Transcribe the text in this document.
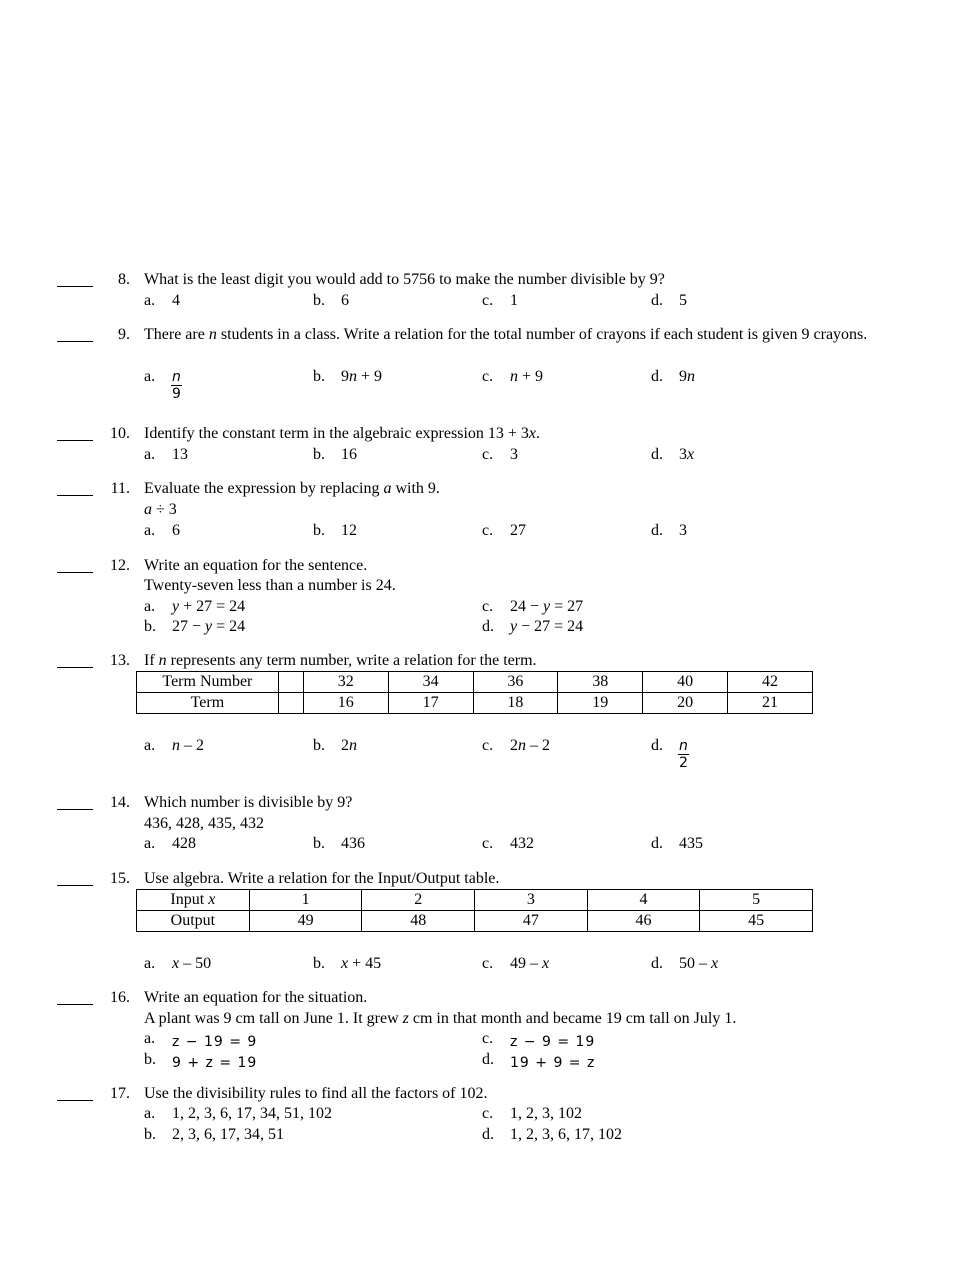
8. What is the least digit you would add to 5756 to make the number divisible by 9?
a. 4	b. 6	c. 1	d. 5
9. There are n students in a class. Write a relation for the total number of crayons if each student is given 9 crayons.
a. $\frac{n}{9}$	b. 9n + 9	c. n + 9	d. 9n
10. Identify the constant term in the algebraic expression 13 + 3x.
a. 13	b. 16	c. 3	d. 3x
11. Evaluate the expression by replacing a with 9.
a ÷ 3
a. 6	b. 12	c. 27	d. 3
12. Write an equation for the sentence.
Twenty-seven less than a number is 24.
a. y + 27 = 24
b. 27 − y = 24
c. 24 − y = 27
d. y − 27 = 24
13. If n represents any term number, write a relation for the term.
Term Number		32	34	36	38	40	42
Term		16	17	18	19	20	21
a. n – 2	b. 2n	c. 2n – 2	d. $\frac{n}{2}$
14. Which number is divisible by 9?
436, 428, 435, 432
a. 428	b. 436	c. 432	d. 435
15. Use algebra. Write a relation for the Input/Output table.
Input x	1	2	3	4	5
Output	49	48	47	46	45
a. x – 50	b. x + 45	c. 49 – x	d. 50 – x
16. Write an equation for the situation.
A plant was 9 cm tall on June 1. It grew z cm in that month and became 19 cm tall on July 1.
a. z − 19 = 9
b. 9 + z = 19
c. z − 9 = 19
d. 19 + 9 = z
17. Use the divisibility rules to find all the factors of 102.
a. 1, 2, 3, 6, 17, 34, 51, 102
b. 2, 3, 6, 17, 34, 51
c. 1, 2, 3, 102
d. 1, 2, 3, 6, 17, 102
